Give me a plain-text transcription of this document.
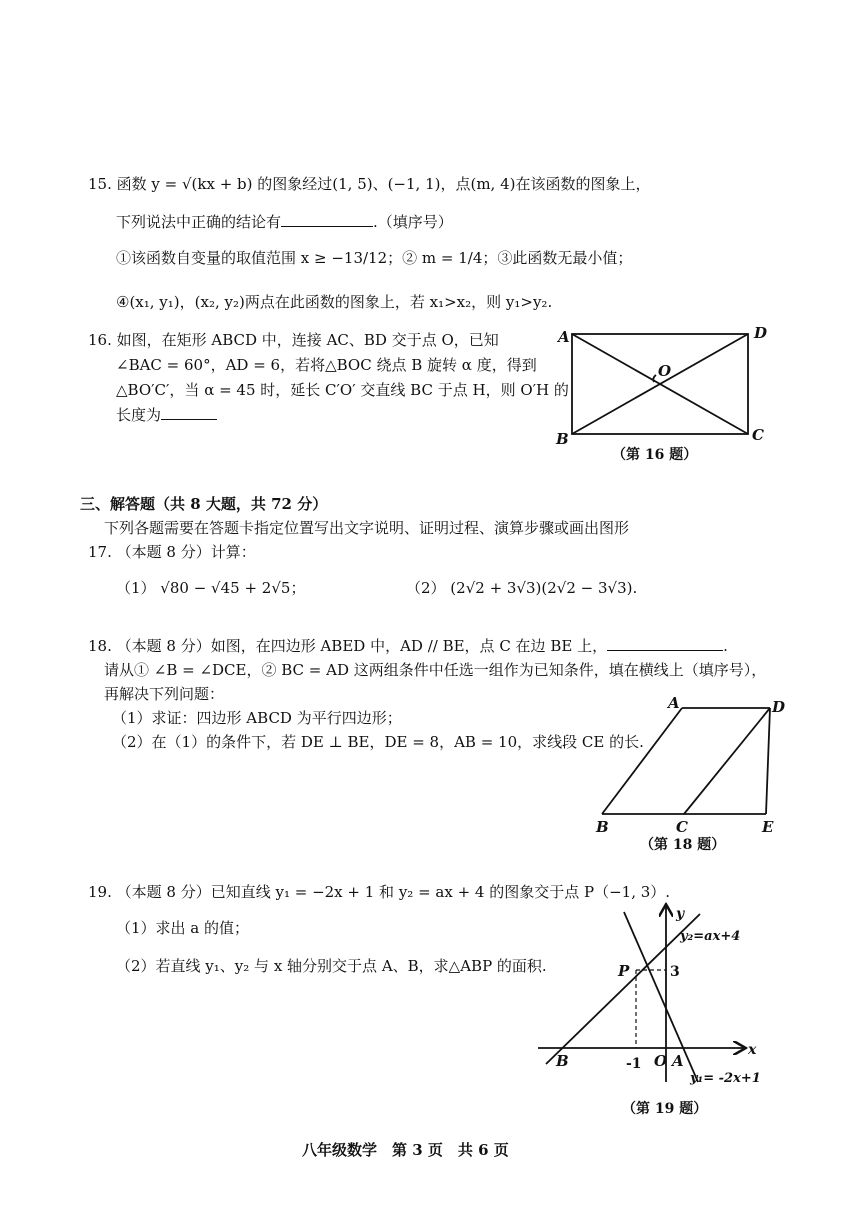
15. 函数 y = √(kx + b) 的图象经过(1, 5)、(−1, 1)，点(m, 4)在该函数的图象上，
下列说法中正确的结论有	.（填序号）
①该函数自变量的取值范围 x ≥ −13/12；② m = 1/4；③此函数无最小值；
④(x₁, y₁)，(x₂, y₂)两点在此函数的图象上，若 x₁>x₂，则 y₁>y₂.
16. 如图，在矩形 ABCD 中，连接 AC、BD 交于点 O，已知
∠BAC = 60°，AD = 6，若将△BOC 绕点 B 旋转 α 度，得到
△BO′C′，当 α = 45 时，延长 C′O′ 交直线 BC 于点 H，则 O′H 的
长度为
A	D
O
B	C
（第 16 题）
三、解答题（共 8 大题，共 72 分）
下列各题需要在答题卡指定位置写出文字说明、证明过程、演算步骤或画出图形
17. （本题 8 分）计算：
（1） √80 − √45 + 2√5；	（2） (2√2 + 3√3)(2√2 − 3√3).
18. （本题 8 分）如图，在四边形 ABED 中，AD // BE，点 C 在边 BE 上，	.
请从① ∠B = ∠DCE，② BC = AD 这两组条件中任选一组作为已知条件，填在横线上（填序号），
再解决下列问题：
（1）求证：四边形 ABCD 为平行四边形；
（2）在（1）的条件下，若 DE ⊥ BE，DE = 8，AB = 10，求线段 CE 的长.
A	D
B	C	E
（第 18 题）
19. （本题 8 分）已知直线 y₁ = −2x + 1 和 y₂ = ax + 4 的图象交于点 P（−1, 3）.
（1）求出 a 的值；
（2）若直线 y₁、y₂ 与 x 轴分别交于点 A、B，求△ABP 的面积.
y
x
y₂=ax+4
P	3
B	-1 O A
y₁= -2x+1
（第 19 题）
八年级数学　第 3 页　共 6 页
